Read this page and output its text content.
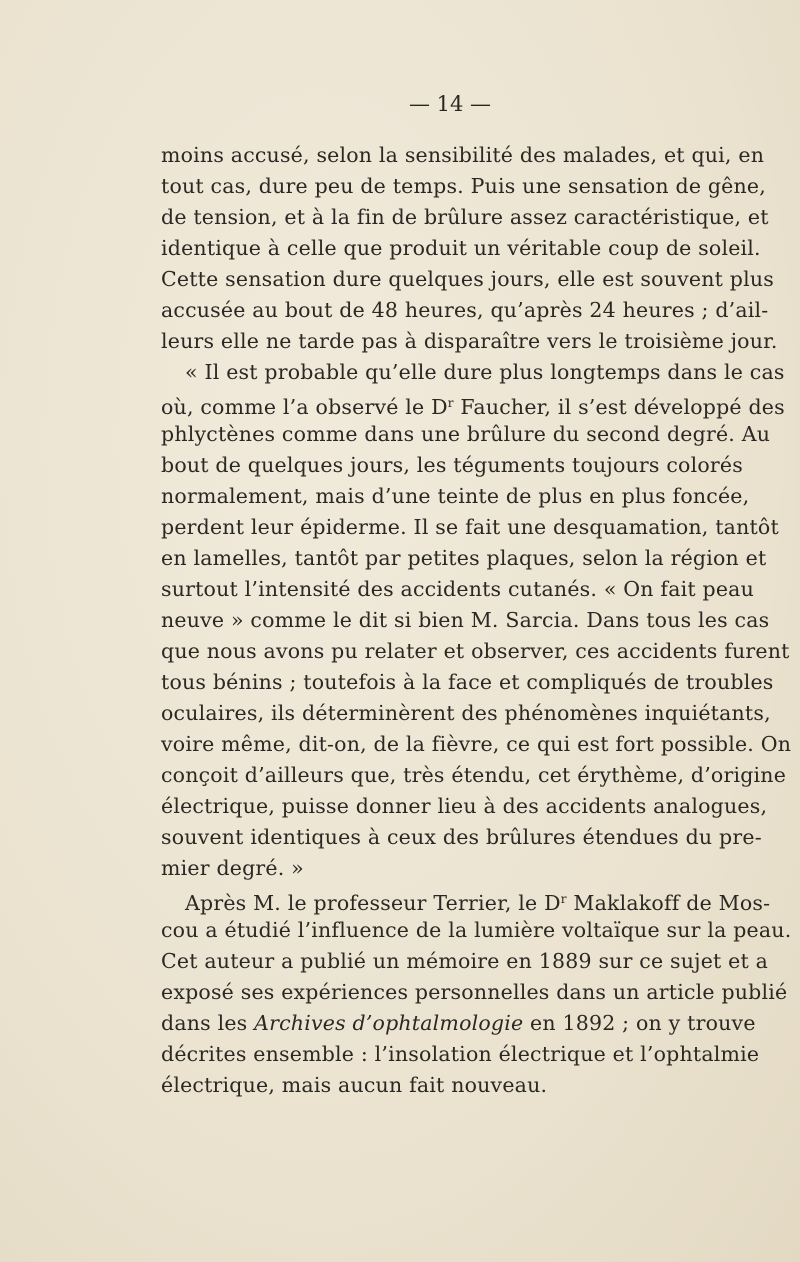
— 14 —
moins accusé, selon la sensibilité des malades, et qui, en
tout cas, dure peu de temps. Puis une sensation de gêne,
de tension, et à la fin de brûlure assez caractéristique, et
identique à celle que produit un véritable coup de soleil.
Cette sensation dure quelques jours, elle est souvent plus
accusée au bout de 48 heures, qu’après 24 heures ; d’ail-
leurs elle ne tarde pas à disparaître vers le troisième jour.
« Il est probable qu’elle dure plus longtemps dans le cas
où, comme l’a observé le $D^r$ Faucher, il s’est développé des
phlyctènes comme dans une brûlure du second degré. Au
bout de quelques jours, les téguments toujours colorés
normalement, mais d’une teinte de plus en plus foncée,
perdent leur épiderme. Il se fait une desquamation, tantôt
en lamelles, tantôt par petites plaques, selon la région et
surtout l’intensité des accidents cutanés. « On fait peau
neuve » comme le dit si bien M. Sarcia. Dans tous les cas
que nous avons pu relater et observer, ces accidents furent
tous bénins ; toutefois à la face et compliqués de troubles
oculaires, ils déterminèrent des phénomènes inquiétants,
voire même, dit-on, de la fièvre, ce qui est fort possible. On
conçoit d’ailleurs que, très étendu, cet érythème, d’origine
électrique, puisse donner lieu à des accidents analogues,
souvent identiques à ceux des brûlures étendues du pre-
mier degré. »
Après M. le professeur Terrier, le $D^r$ Maklakoff de Mos-
cou a étudié l’influence de la lumière voltaïque sur la peau.
Cet auteur a publié un mémoire en 1889 sur ce sujet et a
exposé ses expériences personnelles dans un article publié
dans les Archives d’ophtalmologie en 1892 ; on y trouve
décrites ensemble : l’insolation électrique et l’ophtalmie
électrique, mais aucun fait nouveau.
